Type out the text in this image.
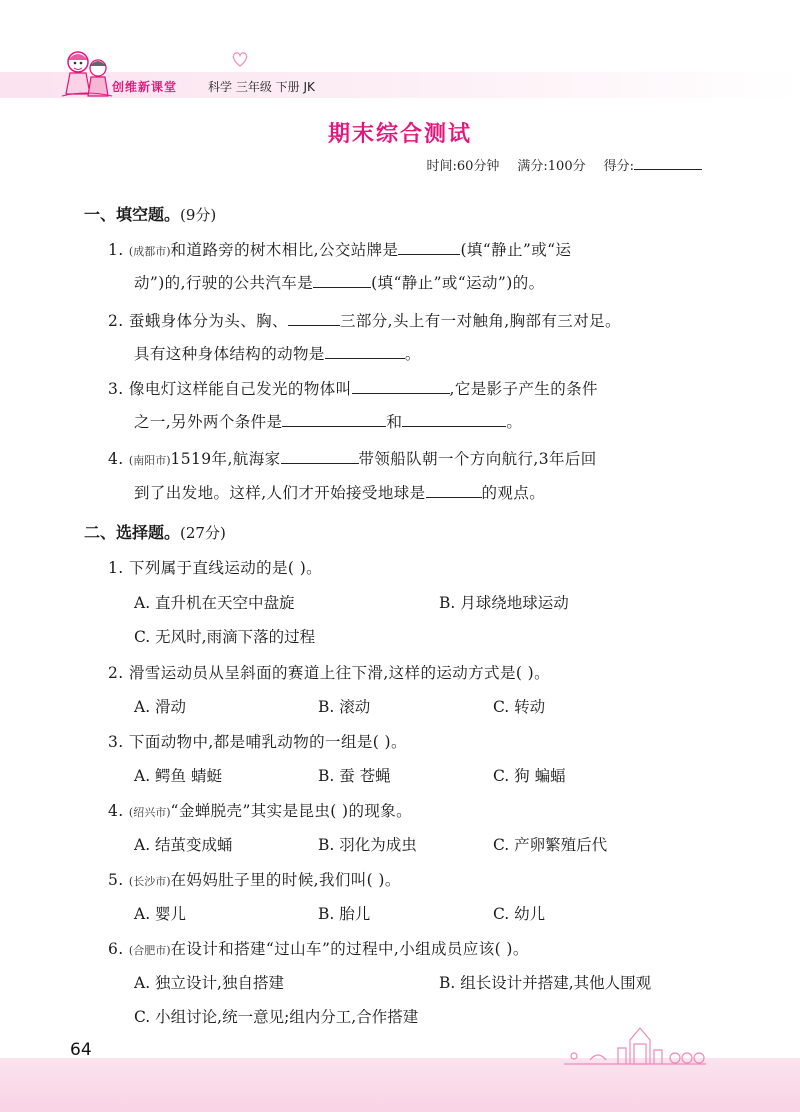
创维新课堂	科学 三年级 下册 JK
期末综合测试
时间:60分钟 满分:100分 得分:
一、填空题。(9分)
1. (成都市)和道路旁的树木相比,公交站牌是	(填“静止”或“运
动”)的,行驶的公共汽车是	(填“静止”或“运动”)的。
2. 蚕蛾身体分为头、胸、	三部分,头上有一对触角,胸部有三对足。
具有这种身体结构的动物是	。
3. 像电灯这样能自己发光的物体叫	,它是影子产生的条件
之一,另外两个条件是	和	。
4. (南阳市)1519年,航海家	带领船队朝一个方向航行,3年后回
到了出发地。这样,人们才开始接受地球是	的观点。
二、选择题。(27分)
1. 下列属于直线运动的是( )。
A. 直升机在天空中盘旋	B. 月球绕地球运动
C. 无风时,雨滴下落的过程
2. 滑雪运动员从呈斜面的赛道上往下滑,这样的运动方式是( )。
A. 滑动	B. 滚动	C. 转动
3. 下面动物中,都是哺乳动物的一组是( )。
A. 鳄鱼 蜻蜓	B. 蚕 苍蝇	C. 狗 蝙蝠
4. (绍兴市)“金蝉脱壳”其实是昆虫( )的现象。
A. 结茧变成蛹	B. 羽化为成虫	C. 产卵繁殖后代
5. (长沙市)在妈妈肚子里的时候,我们叫( )。
A. 婴儿	B. 胎儿	C. 幼儿
6. (合肥市)在设计和搭建“过山车”的过程中,小组成员应该( )。
A. 独立设计,独自搭建	B. 组长设计并搭建,其他人围观
C. 小组讨论,统一意见;组内分工,合作搭建
64
